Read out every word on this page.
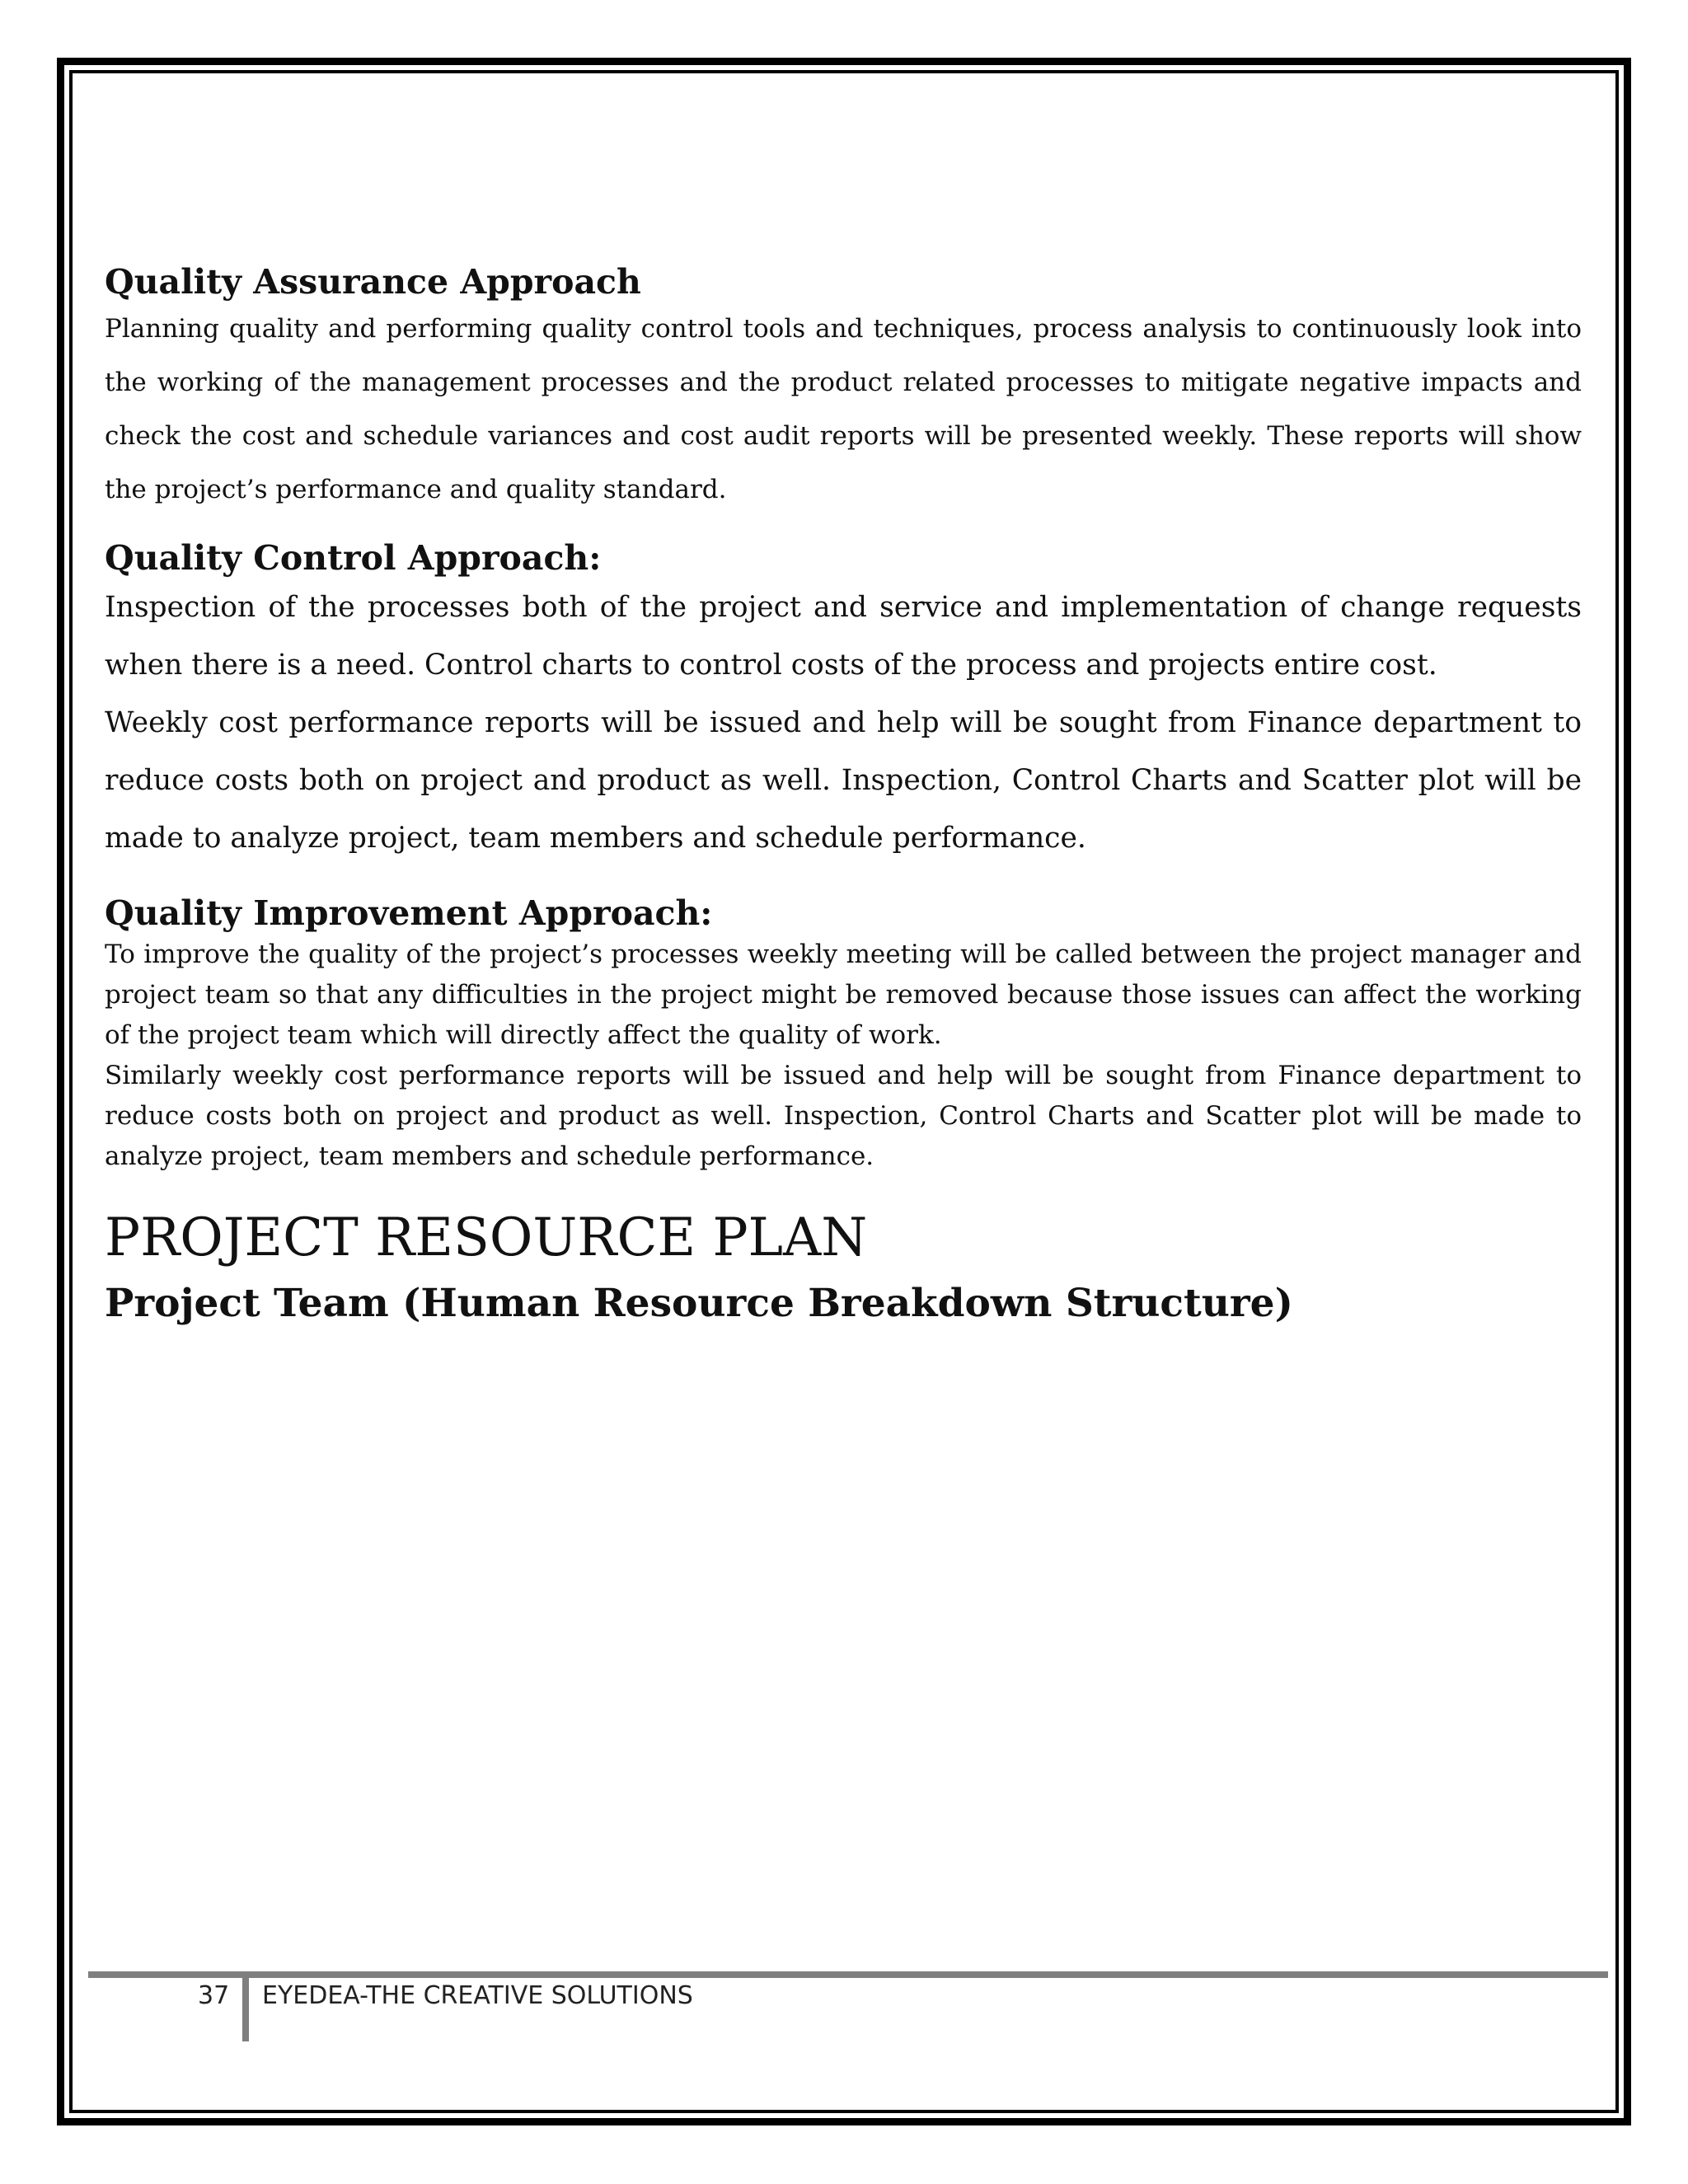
Quality Assurance Approach

Planning quality and performing quality control tools and techniques, process analysis to continuously look into the working of the management processes and the product related processes to mitigate negative impacts and check the cost and schedule variances and cost audit reports will be presented weekly. These reports will show the project’s performance and quality standard.

Quality Control Approach:

Inspection of the processes both of the project and service and implementation of change requests when there is a need. Control charts to control costs of the process and projects entire cost.

Weekly cost performance reports will be issued and help will be sought from Finance department to reduce costs both on project and product as well. Inspection, Control Charts and Scatter plot will be made to analyze project, team members and schedule performance.

Quality Improvement Approach:

To improve the quality of the project’s processes weekly meeting will be called between the project manager and project team so that any difficulties in the project might be removed because those issues can affect the working of the project team which will directly affect the quality of work.

Similarly weekly cost performance reports will be issued and help will be sought from Finance department to reduce costs both on project and product as well. Inspection, Control Charts and Scatter plot will be made to analyze project, team members and schedule performance.

PROJECT RESOURCE PLAN
Project Team (Human Resource Breakdown Structure)
37 EYEDEA-THE CREATIVE SOLUTIONS
